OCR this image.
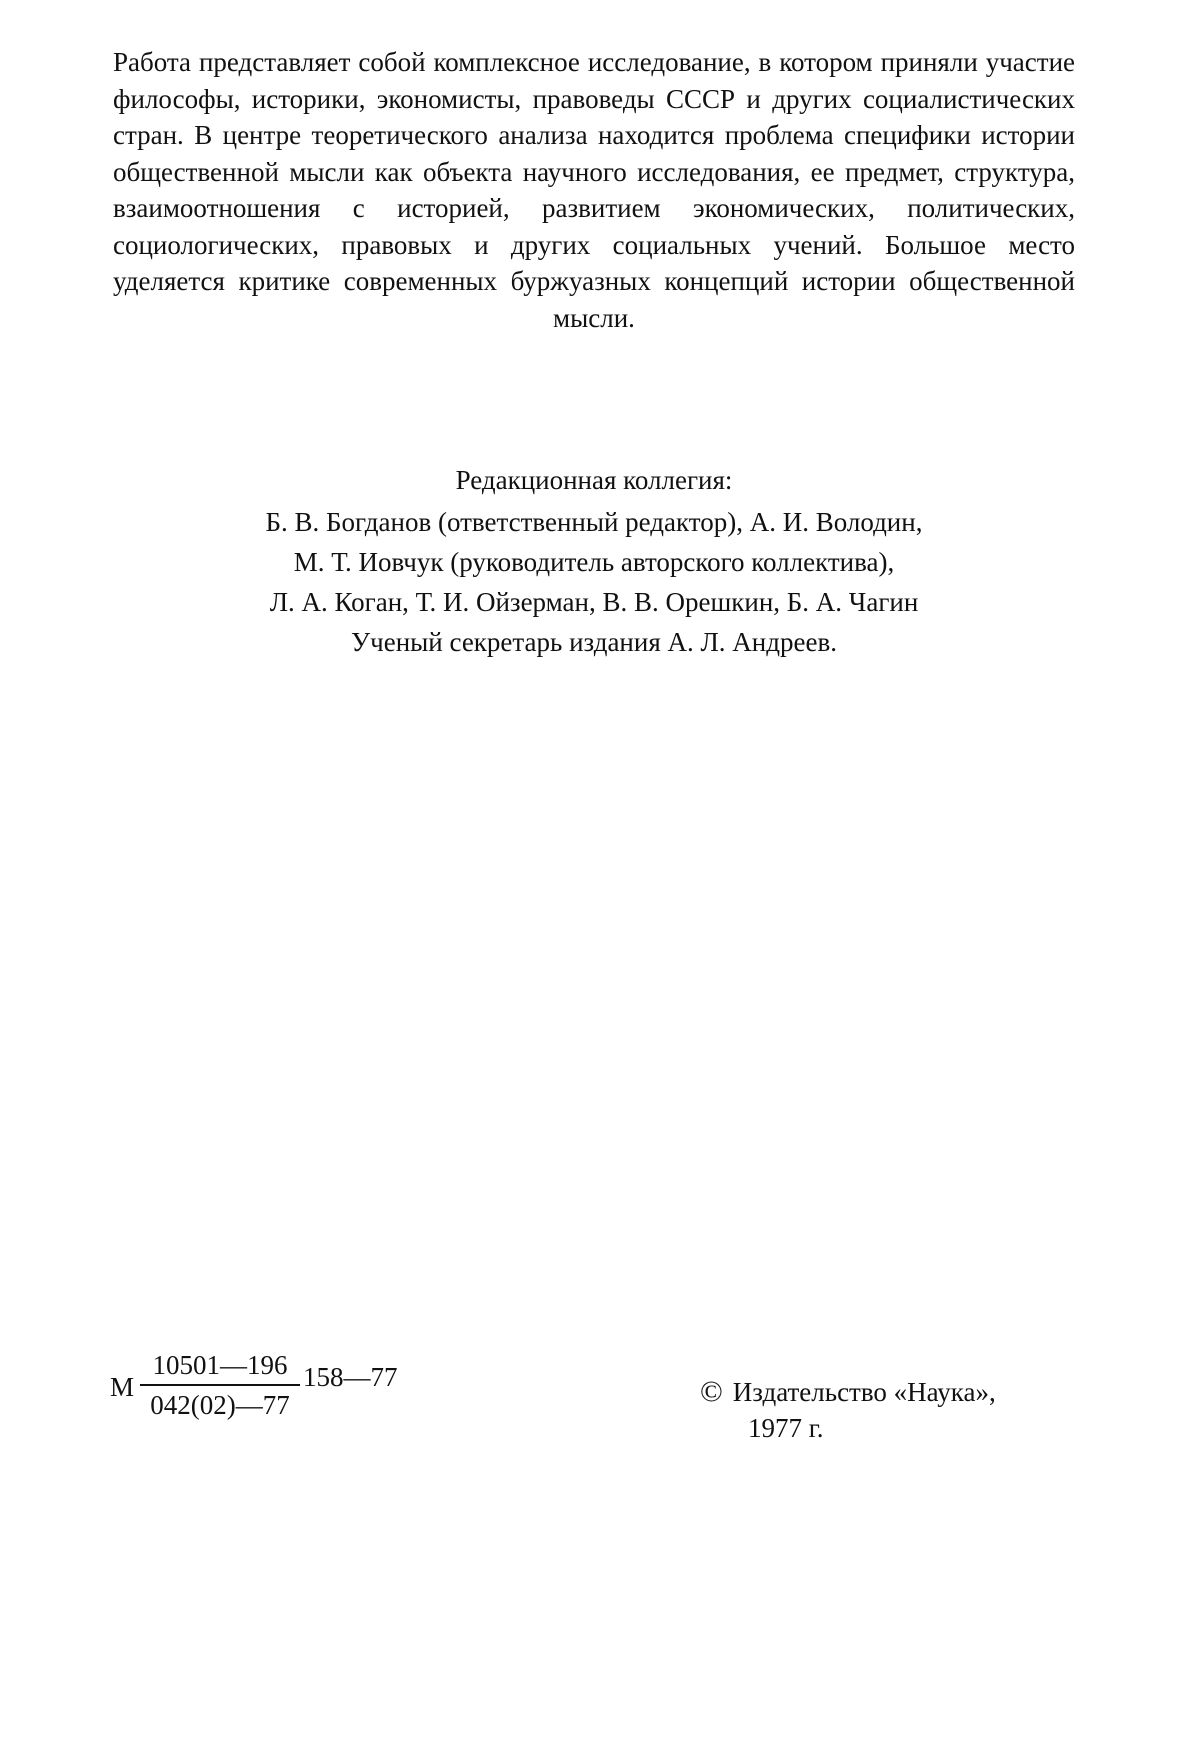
Работа представляет собой комплексное исследование, в котором приняли участие философы, историки, экономисты, правоведы СССР и других социалистических стран. В центре теоретического анализа находится проблема специфики истории общественной мысли как объекта научного исследования, ее предмет, структура, взаимоотношения с историей, развитием экономических, политических, социологических, правовых и других социальных учений. Большое место уделяется критике современных буржуазных концепций истории общественной мысли.
Редакционная коллегия:
Б. В. Богданов (ответственный редактор), А. И. Володин,
М. Т. Иовчук (руководитель авторского коллектива),
Л. А. Коган, Т. И. Ойзерман, В. В. Орешкин, Б. А. Чагин
Ученый секретарь издания А. Л. Андреев.
М $\frac{10501—196}{042(02)—77}$ 158—77	© Издательство «Наука»,
1977 г.
